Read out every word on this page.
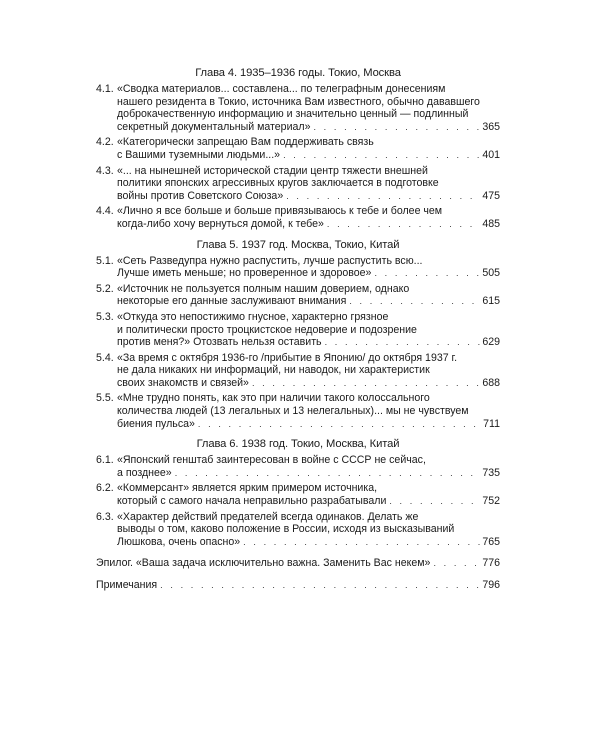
Глава 4. 1935–1936 годы. Токио, Москва
4.1. «Сводка материалов... составлена... по телеграфным донесениям
нашего резидента в Токио, источника Вам известного, обычно дававшего
доброкачественную информацию и значительно ценный — подлинный
секретный документальный материал» . . .	365
4.2. «Категорически запрещаю Вам поддерживать связь
с Вашими туземными людьми...» . . .	401
4.3. «... на нынешней исторической стадии центр тяжести внешней
политики японских агрессивных кругов заключается в подготовке
войны против Советского Союза» . . .	475
4.4. «Лично я все больше и больше привязываюсь к тебе и более чем
когда-либо хочу вернуться домой, к тебе» . . .	485
Глава 5. 1937 год. Москва, Токио, Китай
5.1. «Сеть Разведупра нужно распустить, лучше распустить всю...
Лучше иметь меньше; но проверенное и здоровое» . . .	505
5.2. «Источник не пользуется полным нашим доверием, однако
некоторые его данные заслуживают внимания . . .	615
5.3. «Откуда это непостижимо гнусное, характерно грязное
и политически просто троцкистское недоверие и подозрение
против меня?» Отозвать нельзя оставить . . .	629
5.4. «За время с октября 1936-го /прибытие в Японию/ до октября 1937 г.
не дала никаких ни информаций, ни наводок, ни характеристик
своих знакомств и связей» . . .	688
5.5. «Мне трудно понять, как это при наличии такого колоссального
количества людей (13 легальных и 13 нелегальных)... мы не чувствуем
биения пульса» . . .	711
Глава 6. 1938 год. Токио, Москва, Китай
6.1. «Японский генштаб заинтересован в войне с СССР не сейчас,
а позднее» . . .	735
6.2. «Коммерсант» является ярким примером источника,
который с самого начала неправильно разрабатывали . . .	752
6.3. «Характер действий предателей всегда одинаков. Делать же
выводы о том, каково положение в России, исходя из высказываний
Люшкова, очень опасно» . . .	765
Эпилог. «Ваша задача исключительно важна. Заменить Вас некем» . . .	776
Примечания . . .	796
